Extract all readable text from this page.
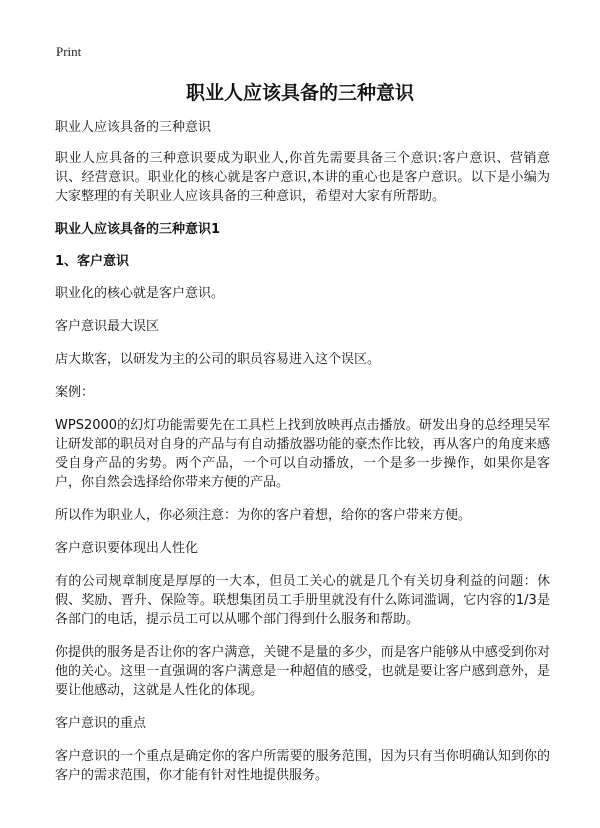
Print
职业人应该具备的三种意识

职业人应该具备的三种意识

职业人应具备的三种意识要成为职业人,你首先需要具备三个意识:客户意识、营销意识、经营意识。职业化的核心就是客户意识,本讲的重心也是客户意识。以下是小编为大家整理的有关职业人应该具备的三种意识，希望对大家有所帮助。

职业人应该具备的三种意识1

1、客户意识

职业化的核心就是客户意识。

客户意识最大误区

店大欺客，以研发为主的公司的职员容易进入这个误区。

案例：

WPS2000的幻灯功能需要先在工具栏上找到放映再点击播放。研发出身的总经理吴军让研发部的职员对自身的产品与有自动播放器功能的豪杰作比较，再从客户的角度来感受自身产品的劣势。两个产品，一个可以自动播放，一个是多一步操作，如果你是客户，你自然会选择给你带来方便的产品。

所以作为职业人，你必须注意：为你的客户着想，给你的客户带来方便。

客户意识要体现出人性化

有的公司规章制度是厚厚的一大本，但员工关心的就是几个有关切身利益的问题：休假、奖励、晋升、保险等。联想集团员工手册里就没有什么陈词滥调，它内容的1/3是各部门的电话，提示员工可以从哪个部门得到什么服务和帮助。

你提供的服务是否让你的客户满意，关键不是量的多少，而是客户能够从中感受到你对他的关心。这里一直强调的客户满意是一种超值的感受，也就是要让客户感到意外，是要让他感动，这就是人性化的体现。

客户意识的重点

客户意识的一个重点是确定你的客户所需要的服务范围，因为只有当你明确认知到你的客户的需求范围，你才能有针对性地提供服务。
